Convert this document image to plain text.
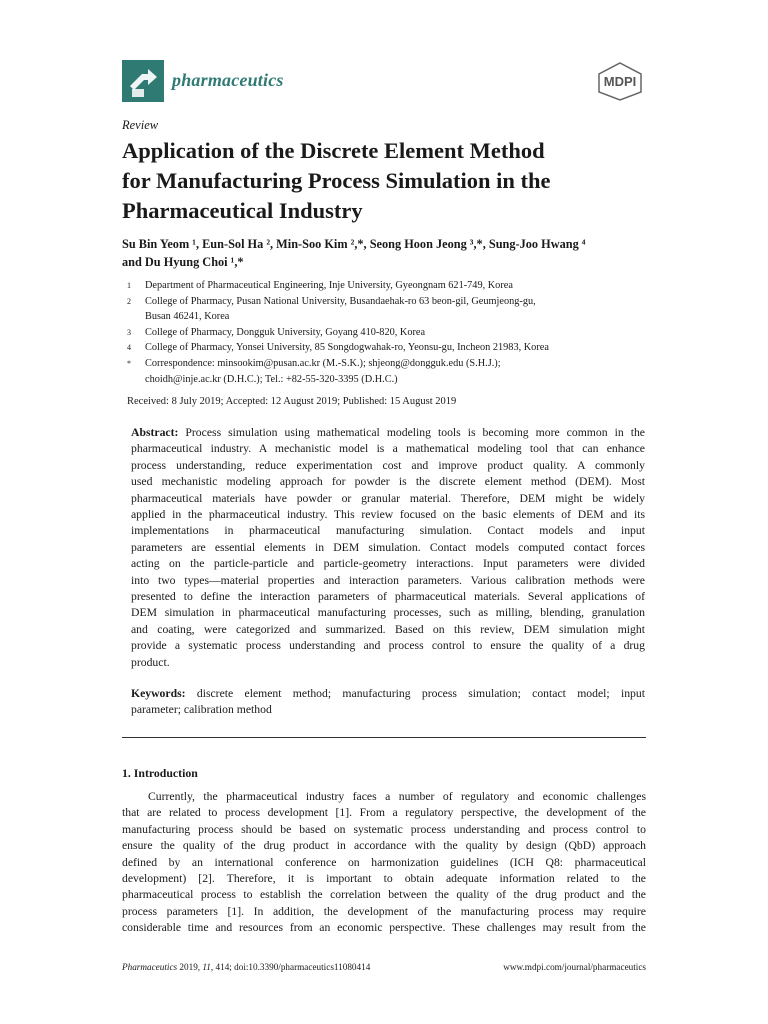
pharmaceutics	MDPI
Review
Application of the Discrete Element Method
for Manufacturing Process Simulation in the
Pharmaceutical Industry
Su Bin Yeom ¹, Eun-Sol Ha ², Min-Soo Kim ²,*, Seong Hoon Jeong ³,*, Sung-Joo Hwang ⁴
and Du Hyung Choi ¹,*
1	Department of Pharmaceutical Engineering, Inje University, Gyeongnam 621-749, Korea
2	College of Pharmacy, Pusan National University, Busandaehak-ro 63 beon-gil, Geumjeong-gu,
Busan 46241, Korea
3	College of Pharmacy, Dongguk University, Goyang 410-820, Korea
4	College of Pharmacy, Yonsei University, 85 Songdogwahak-ro, Yeonsu-gu, Incheon 21983, Korea
*	Correspondence: minsookim@pusan.ac.kr (M.-S.K.); shjeong@dongguk.edu (S.H.J.);
choidh@inje.ac.kr (D.H.C.); Tel.: +82-55-320-3395 (D.H.C.)
Received: 8 July 2019; Accepted: 12 August 2019; Published: 15 August 2019
Abstract: Process simulation using mathematical modeling tools is becoming more common in the
pharmaceutical industry. A mechanistic model is a mathematical modeling tool that can enhance
process understanding, reduce experimentation cost and improve product quality. A commonly
used mechanistic modeling approach for powder is the discrete element method (DEM). Most
pharmaceutical materials have powder or granular material. Therefore, DEM might be widely
applied in the pharmaceutical industry. This review focused on the basic elements of DEM and its
implementations in pharmaceutical manufacturing simulation. Contact models and input
parameters are essential elements in DEM simulation. Contact models computed contact forces
acting on the particle-particle and particle-geometry interactions. Input parameters were divided
into two types—material properties and interaction parameters. Various calibration methods were
presented to define the interaction parameters of pharmaceutical materials. Several applications of
DEM simulation in pharmaceutical manufacturing processes, such as milling, blending, granulation
and coating, were categorized and summarized. Based on this review, DEM simulation might
provide a systematic process understanding and process control to ensure the quality of a drug
product.
Keywords: discrete element method; manufacturing process simulation; contact model; input
parameter; calibration method
1. Introduction
Currently, the pharmaceutical industry faces a number of regulatory and economic challenges
that are related to process development [1]. From a regulatory perspective, the development of the
manufacturing process should be based on systematic process understanding and process control to
ensure the quality of the drug product in accordance with the quality by design (QbD) approach
defined by an international conference on harmonization guidelines (ICH Q8: pharmaceutical
development) [2]. Therefore, it is important to obtain adequate information related to the
pharmaceutical process to establish the correlation between the quality of the drug product and the
process parameters [1]. In addition, the development of the manufacturing process may require
considerable time and resources from an economic perspective. These challenges may result from the
Pharmaceutics 2019, 11, 414; doi:10.3390/pharmaceutics11080414	www.mdpi.com/journal/pharmaceutics
